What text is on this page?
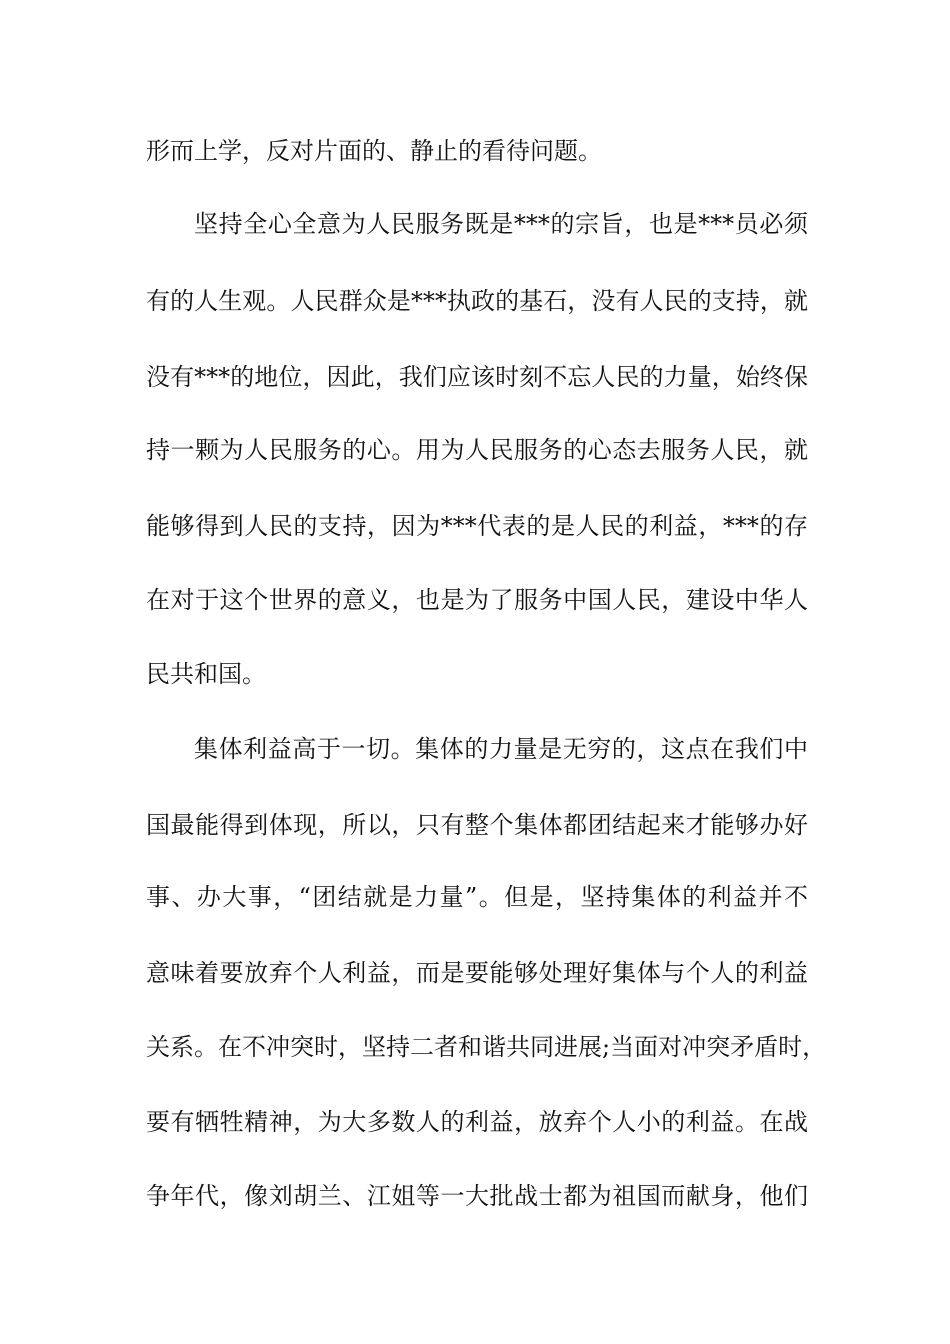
形而上学，反对片面的、静止的看待问题。
坚持全心全意为人民服务既是***的宗旨，也是***员必须
有的人生观。人民群众是***执政的基石，没有人民的支持，就
没有***的地位，因此，我们应该时刻不忘人民的力量，始终保
持一颗为人民服务的心。用为人民服务的心态去服务人民，就
能够得到人民的支持，因为***代表的是人民的利益，***的存
在对于这个世界的意义，也是为了服务中国人民，建设中华人
民共和国。
集体利益高于一切。集体的力量是无穷的，这点在我们中
国最能得到体现，所以，只有整个集体都团结起来才能够办好
事、办大事，“团结就是力量”。但是，坚持集体的利益并不
意味着要放弃个人利益，而是要能够处理好集体与个人的利益
关系。在不冲突时，坚持二者和谐共同进展;当面对冲突矛盾时，
要有牺牲精神，为大多数人的利益，放弃个人小的利益。在战
争年代，像刘胡兰、江姐等一大批战士都为祖国而献身，他们
